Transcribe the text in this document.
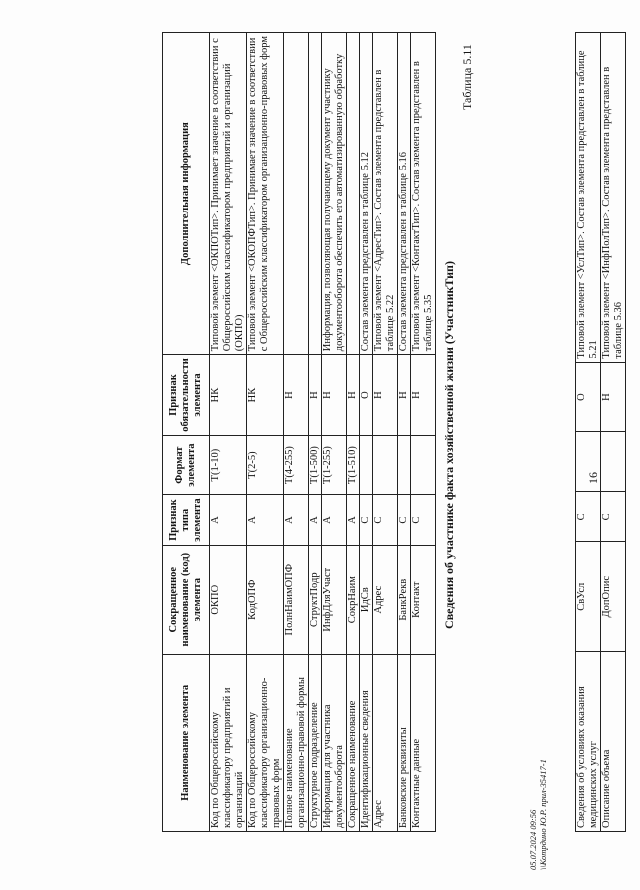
Сведения об условиях оказания медицинских услуг	СвУсл	С		О	Типовой элемент <УслТип>. Состав элемента представлен в таблице 5.21
Описание объема	ДопОпис	С		Н	Типовой элемент <ИнфПолТип>. Состав элемента представлен в таблице 5.36
16
Таблица 5.11
Сведения об участнике факта хозяйственной жизни (УчастникТип)
Наименование элемента	Сокращенное наименование (код) элемента	Признак типа элемента	Формат элемента	Признак обязательности элемента	Дополнительная информация
Код по Общероссийскому классификатору предприятий и организаций	ОКПО	А	Т(1-10)	НК	Типовой элемент <ОКПОТип>. Принимает значение в соответствии с Общероссийским классификатором предприятий и организаций (ОКПО)
Код по Общероссийскому классификатору организационно-правовых форм	КодОПФ	А	Т(2-5)	НК	Типовой элемент <ОКОПФТип>. Принимает значение в соответствии с Общероссийским классификатором организационно-правовых форм
Полное наименование организационно-правовой формы	ПолнНаимОПФ	А	Т(4-255)	Н	
Структурное подразделение	СтруктПодр	А	Т(1-500)	Н	
Информация для участника документооборота	ИнфДляУчаст	А	Т(1-255)	Н	Информация, позволяющая получающему документ участнику документооборота обеспечить его автоматизированную обработку
Сокращенное наименование	СокрНаим	А	Т(1-510)	Н	
Идентификационные сведения	ИдСв	С		О	Состав элемента представлен в таблице 5.12
Адрес	Адрес	С		Н	Типовой элемент <АдресТип>. Состав элемента представлен в таблице 5.22
Банковские реквизиты	БанкРекв	С		Н	Состав элемента представлен в таблице 5.16
Контактные данные	Контакт	С		Н	Типовой элемент <КонтактТип>. Состав элемента представлен в таблице 5.35
05.07.2024 09:56 \\Котрдино Ю.Р. прил-35417-1
